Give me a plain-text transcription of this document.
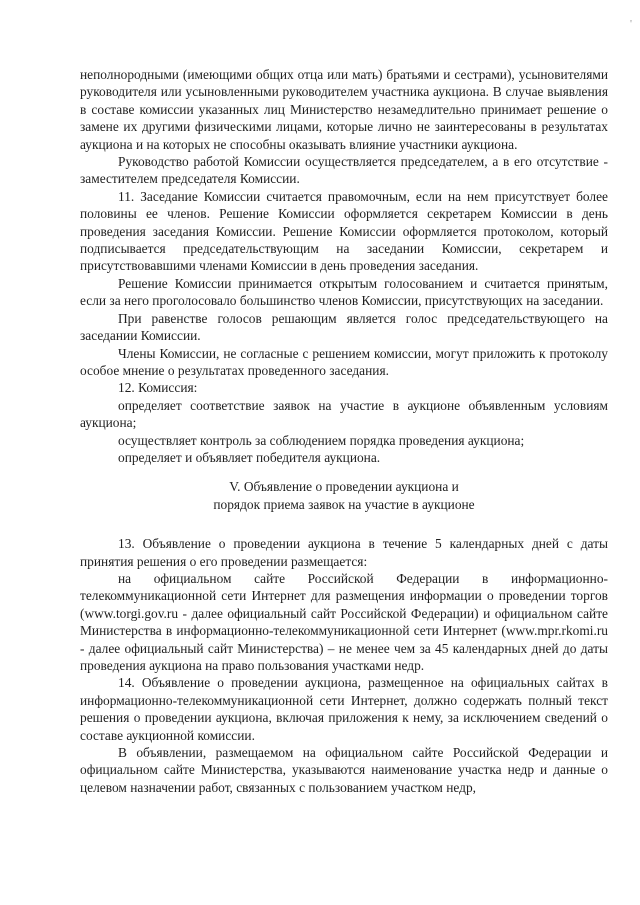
'

неполнородными (имеющими общих отца или мать) братьями и сестрами), усыновителями руководителя или усыновленными руководителем участника аукциона. В случае выявления в составе комиссии указанных лиц Министерство незамедлительно принимает решение о замене их другими физическими лицами, которые лично не заинтересованы в результатах аукциона и на которых не способны оказывать влияние участники аукциона.

Руководство работой Комиссии осуществляется председателем, а в его отсутствие - заместителем председателя Комиссии.

11. Заседание Комиссии считается правомочным, если на нем присутствует более половины ее членов. Решение Комиссии оформляется секретарем Комиссии в день проведения заседания Комиссии. Решение Комиссии оформляется протоколом, который подписывается председательствующим на заседании Комиссии, секретарем и присутствовавшими членами Комиссии в день проведения заседания.

Решение Комиссии принимается открытым голосованием и считается принятым, если за него проголосовало большинство членов Комиссии, присутствующих на заседании.

При равенстве голосов решающим является голос председательствующего на заседании Комиссии.

Члены Комиссии, не согласные с решением комиссии, могут приложить к протоколу особое мнение о результатах проведенного заседания.

12. Комиссия:

определяет соответствие заявок на участие в аукционе объявленным условиям аукциона;

осуществляет контроль за соблюдением порядка проведения аукциона;

определяет и объявляет победителя аукциона.

V. Объявление о проведении аукциона и

порядок приема заявок на участие в аукционе

13. Объявление о проведении аукциона в течение 5 календарных дней с даты принятия решения о его проведении размещается:

на официальном сайте Российской Федерации в информационно-телекоммуникационной сети Интернет для размещения информации о проведении торгов (www.torgi.gov.ru - далее официальный сайт Российской Федерации) и официальном сайте Министерства в информационно-телекоммуникационной сети Интернет (www.mpr.rkomi.ru - далее официальный сайт Министерства) – не менее чем за 45 календарных дней до даты проведения аукциона на право пользования участками недр.

14. Объявление о проведении аукциона, размещенное на официальных сайтах в информационно-телекоммуникационной сети Интернет, должно содержать полный текст решения о проведении аукциона, включая приложения к нему, за исключением сведений о составе аукционной комиссии.

В объявлении, размещаемом на официальном сайте Российской Федерации и официальном сайте Министерства, указываются наименование участка недр и данные о целевом назначении работ, связанных с пользованием участком недр,
